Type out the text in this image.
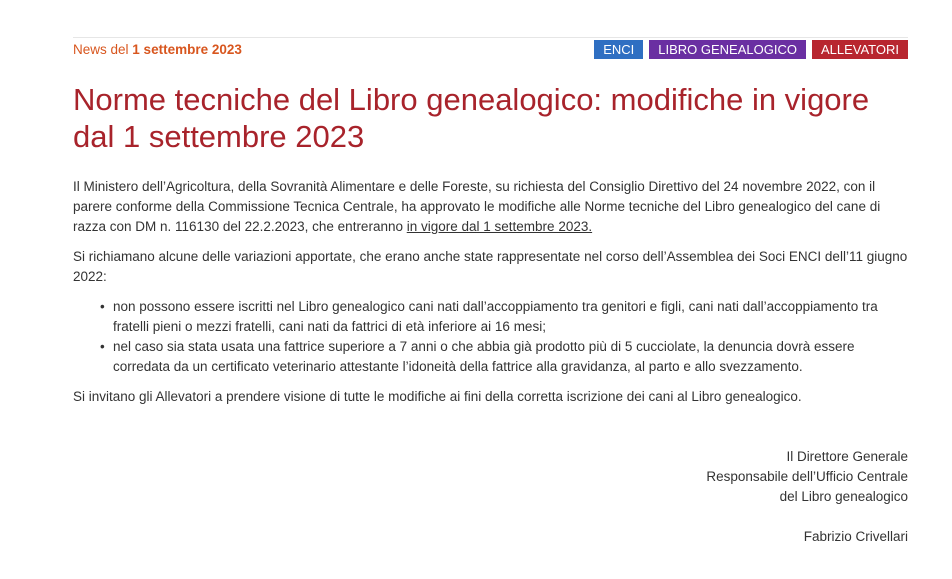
News del 1 settembre 2023	ENCI	LIBRO GENEALOGICO	ALLEVATORI
Norme tecniche del Libro genealogico: modifiche in vigore dal 1 settembre 2023

Il Ministero dell’Agricoltura, della Sovranità Alimentare e delle Foreste, su richiesta del Consiglio Direttivo del 24 novembre 2022, con il parere conforme della Commissione Tecnica Centrale, ha approvato le modifiche alle Norme tecniche del Libro genealogico del cane di razza con DM n. 116130 del 22.2.2023, che entreranno in vigore dal 1 settembre 2023.

Si richiamano alcune delle variazioni apportate, che erano anche state rappresentate nel corso dell’Assemblea dei Soci ENCI dell’11 giugno 2022:

• non possono essere iscritti nel Libro genealogico cani nati dall’accoppiamento tra genitori e figli, cani nati dall’accoppiamento tra fratelli pieni o mezzi fratelli, cani nati da fattrici di età inferiore ai 16 mesi;
• nel caso sia stata usata una fattrice superiore a 7 anni o che abbia già prodotto più di 5 cucciolate, la denuncia dovrà essere corredata da un certificato veterinario attestante l’idoneità della fattrice alla gravidanza, al parto e allo svezzamento.

Si invitano gli Allevatori a prendere visione di tutte le modifiche ai fini della corretta iscrizione dei cani al Libro genealogico.

Il Direttore Generale
Responsabile dell’Ufficio Centrale
del Libro genealogico
Fabrizio Crivellari
